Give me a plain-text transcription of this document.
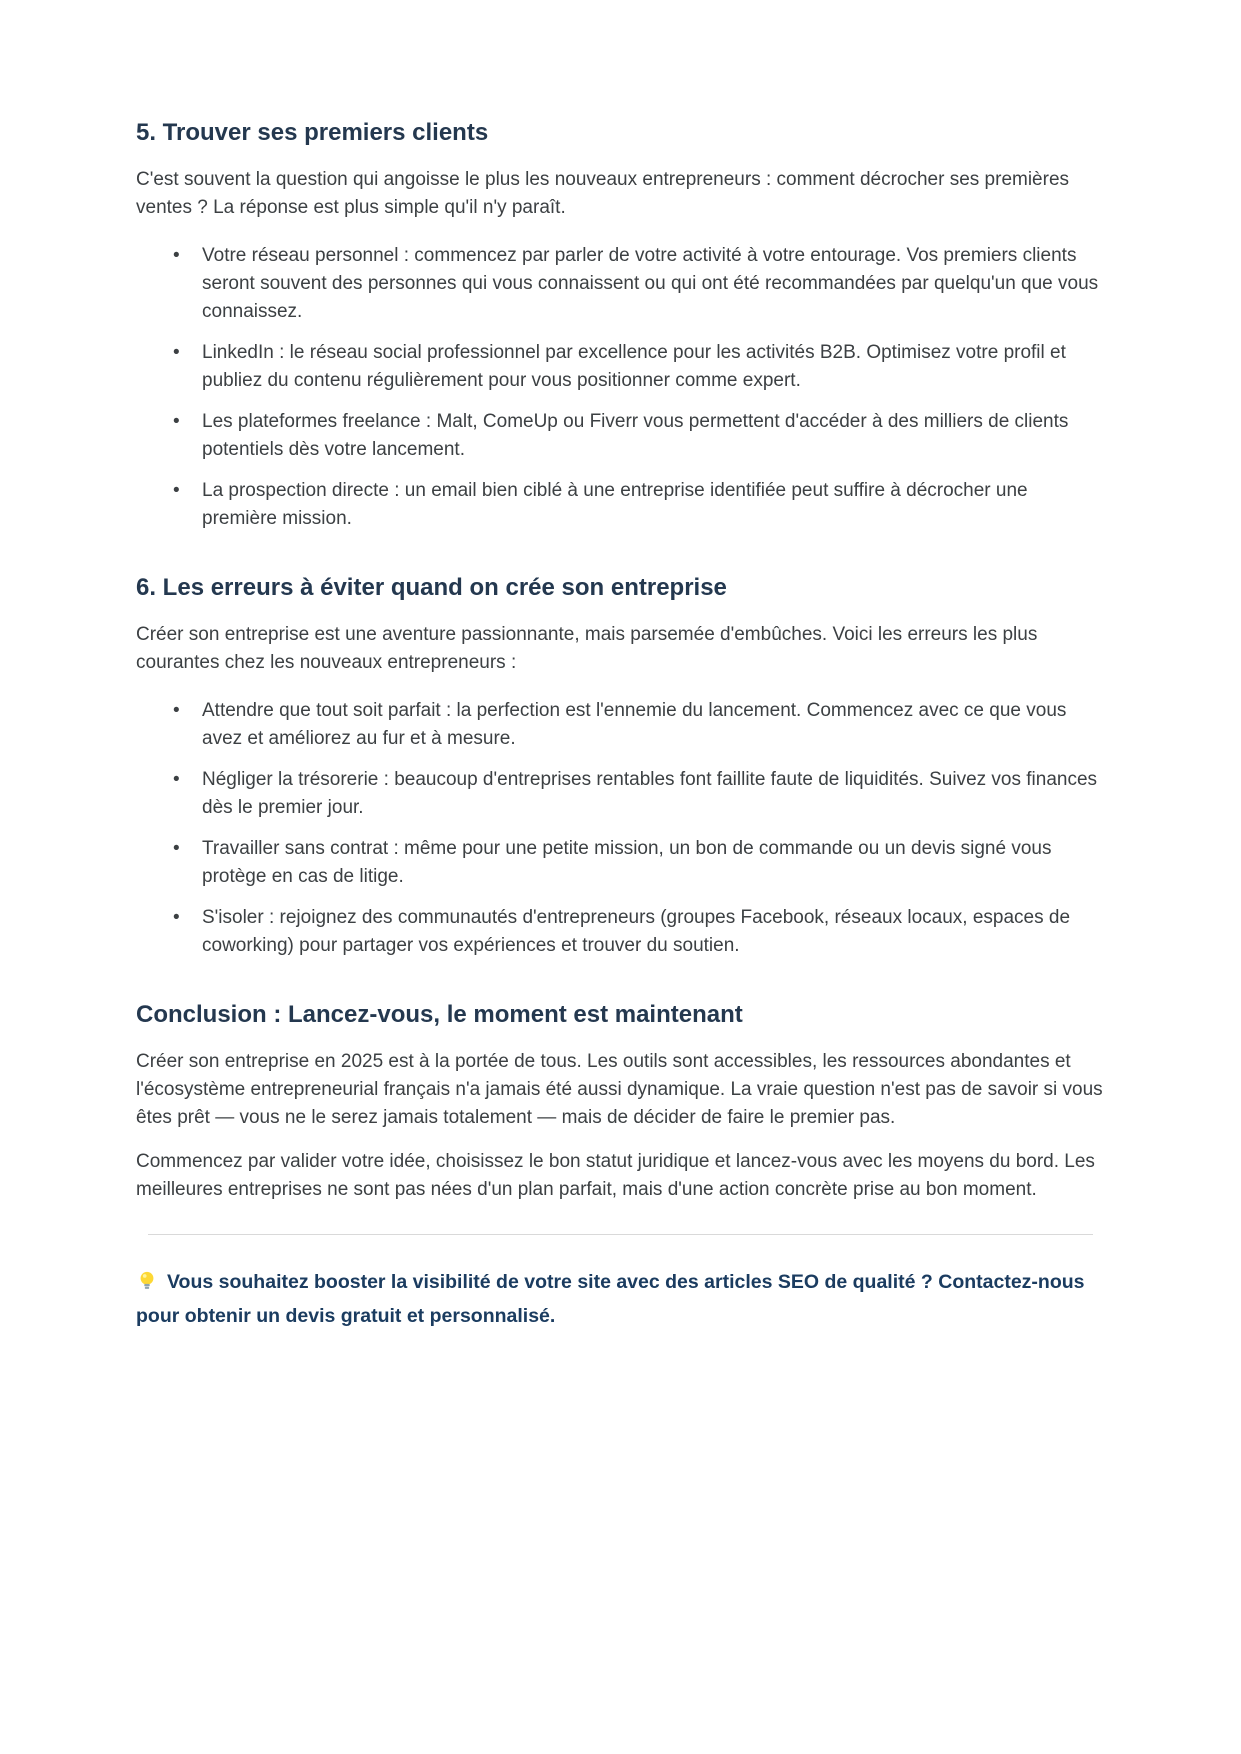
5. Trouver ses premiers clients

C'est souvent la question qui angoisse le plus les nouveaux entrepreneurs : comment décrocher ses premières ventes ? La réponse est plus simple qu'il n'y paraît.

• Votre réseau personnel : commencez par parler de votre activité à votre entourage. Vos premiers clients seront souvent des personnes qui vous connaissent ou qui ont été recommandées par quelqu'un que vous connaissez.
• LinkedIn : le réseau social professionnel par excellence pour les activités B2B. Optimisez votre profil et publiez du contenu régulièrement pour vous positionner comme expert.
• Les plateformes freelance : Malt, ComeUp ou Fiverr vous permettent d'accéder à des milliers de clients potentiels dès votre lancement.
• La prospection directe : un email bien ciblé à une entreprise identifiée peut suffire à décrocher une première mission.
6. Les erreurs à éviter quand on crée son entreprise

Créer son entreprise est une aventure passionnante, mais parsemée d'embûches. Voici les erreurs les plus courantes chez les nouveaux entrepreneurs :

• Attendre que tout soit parfait : la perfection est l'ennemie du lancement. Commencez avec ce que vous avez et améliorez au fur et à mesure.
• Négliger la trésorerie : beaucoup d'entreprises rentables font faillite faute de liquidités. Suivez vos finances dès le premier jour.
• Travailler sans contrat : même pour une petite mission, un bon de commande ou un devis signé vous protège en cas de litige.
• S'isoler : rejoignez des communautés d'entrepreneurs (groupes Facebook, réseaux locaux, espaces de coworking) pour partager vos expériences et trouver du soutien.
Conclusion : Lancez-vous, le moment est maintenant

Créer son entreprise en 2025 est à la portée de tous. Les outils sont accessibles, les ressources abondantes et l'écosystème entrepreneurial français n'a jamais été aussi dynamique. La vraie question n'est pas de savoir si vous êtes prêt — vous ne le serez jamais totalement — mais de décider de faire le premier pas.

Commencez par valider votre idée, choisissez le bon statut juridique et lancez-vous avec les moyens du bord. Les meilleures entreprises ne sont pas nées d'un plan parfait, mais d'une action concrète prise au bon moment.

Vous souhaitez booster la visibilité de votre site avec des articles SEO de qualité ? Contactez-nous pour obtenir un devis gratuit et personnalisé.
